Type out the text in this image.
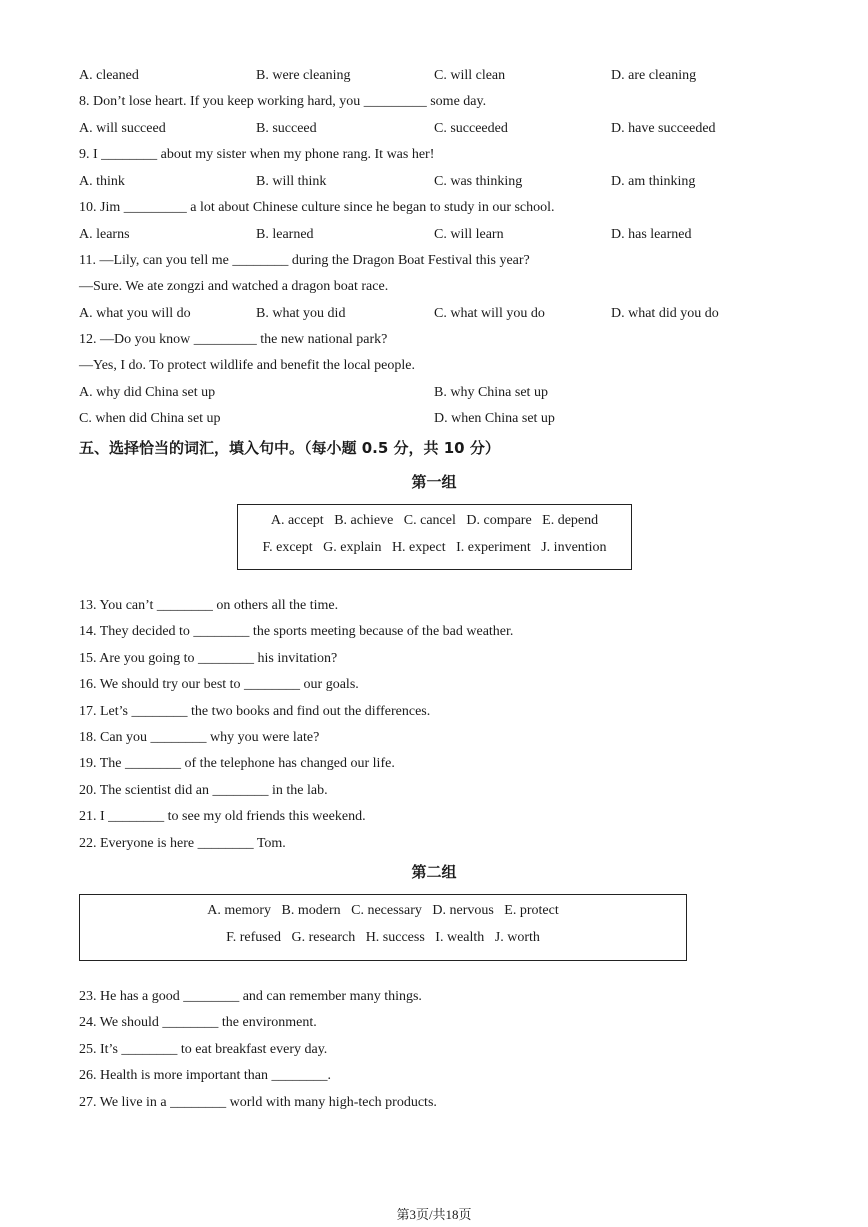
A. cleaned	B. were cleaning	C. will clean	D. are cleaning
8. Don’t lose heart. If you keep working hard, you _________ some day.
A. will succeed	B. succeed	C. succeeded	D. have succeeded
9. I ________ about my sister when my phone rang. It was her!
A. think	B. will think	C. was thinking	D. am thinking
10. Jim _________ a lot about Chinese culture since he began to study in our school.
A. learns	B. learned	C. will learn	D. has learned
11. —Lily, can you tell me ________ during the Dragon Boat Festival this year?
—Sure. We ate zongzi and watched a dragon boat race.
A. what you will do	B. what you did	C. what will you do	D. what did you do
12. —Do you know _________ the new national park?
—Yes, I do. To protect wildlife and benefit the local people.
A. why did China set up	B. why China set up
C. when did China set up	D. when China set up
五、选择恰当的词汇，填入句中。（每小题 0.5 分，共 10 分）
第一组
A. accept   B. achieve   C. cancel   D. compare   E. depend
F. except   G. explain   H. expect   I. experiment   J. invention
13. You can’t ________ on others all the time.
14. They decided to ________ the sports meeting because of the bad weather.
15. Are you going to ________ his invitation?
16. We should try our best to ________ our goals.
17. Let’s ________ the two books and find out the differences.
18. Can you ________ why you were late?
19. The ________ of the telephone has changed our life.
20. The scientist did an ________ in the lab.
21. I ________ to see my old friends this weekend.
22. Everyone is here ________ Tom.
第二组
A. memory   B. modern   C. necessary   D. nervous   E. protect
F. refused   G. research   H. success   I. wealth   J. worth
23. He has a good ________ and can remember many things.
24. We should ________ the environment.
25. It’s ________ to eat breakfast every day.
26. Health is more important than ________.
27. We live in a ________ world with many high-tech products.
第3页/共18页
